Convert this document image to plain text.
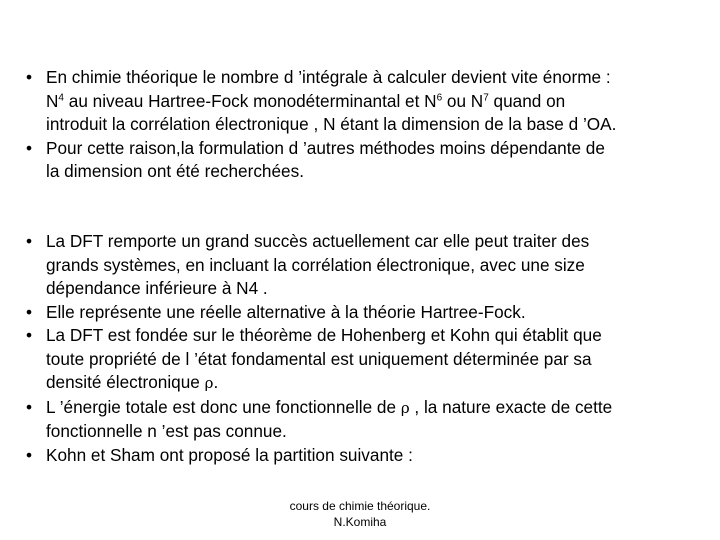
• En chimie théorique le nombre d ’intégrale à calculer devient vite énorme :
$N^4$ au niveau Hartree-Fock monodéterminantal et $N^6$ ou $N^7$ quand on
introduit la corrélation électronique , N étant la dimension de la base d ’OA.
• Pour cette raison,la formulation d ’autres méthodes moins dépendante de
la dimension ont été recherchées.
• La DFT remporte un grand succès actuellement car elle peut traiter des
grands systèmes, en incluant la corrélation électronique, avec une size
dépendance inférieure à N4 .
• Elle représente une réelle alternative à la théorie Hartree-Fock.
• La DFT est fondée sur le théorème de Hohenberg et Kohn qui établit que
toute propriété de l ’état fondamental est uniquement déterminée par sa
densité électronique ρ.
• L ’énergie totale est donc une fonctionnelle de ρ , la nature exacte de cette
fonctionnelle n ’est pas connue.
• Kohn et Sham ont proposé la partition suivante :
cours de chimie théorique.
N.Komiha
